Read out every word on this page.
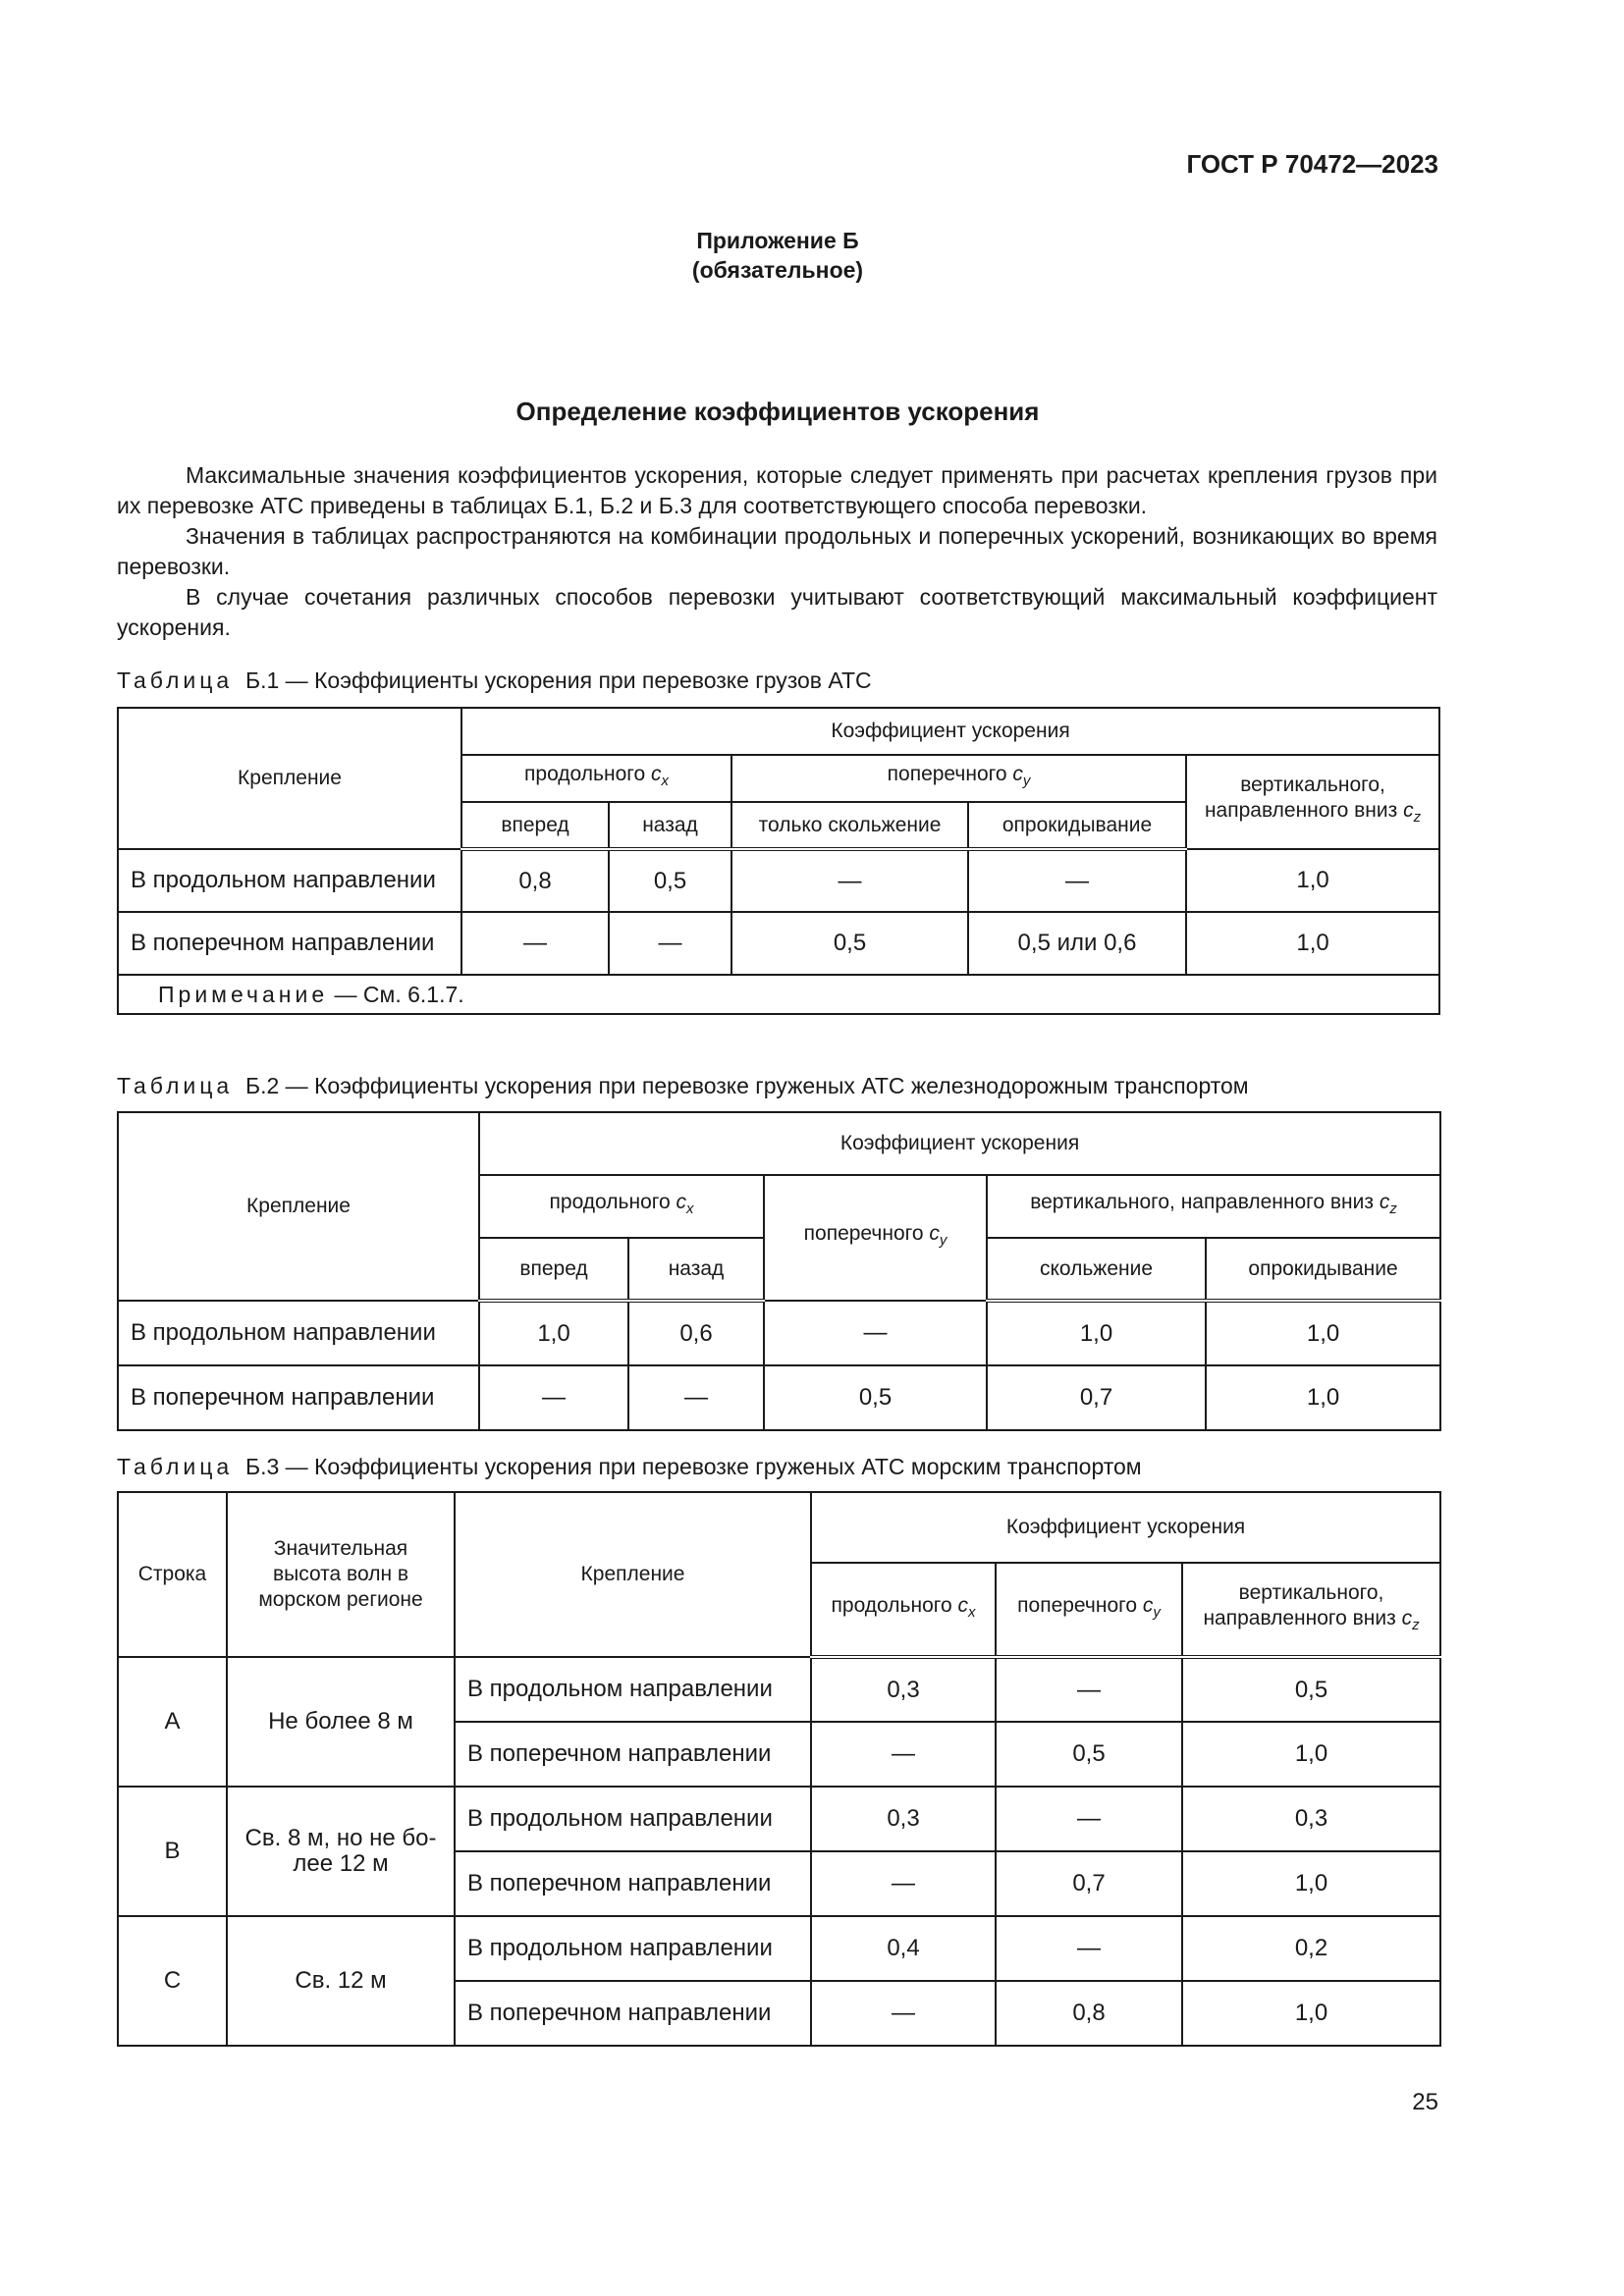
ГОСТ Р 70472—2023
Приложение Б
(обязательное)
Определение коэффициентов ускорения
Максимальные значения коэффициентов ускорения, которые следует применять при расчетах крепления грузов при их перевозке АТС приведены в таблицах Б.1, Б.2 и Б.3 для соответствующего способа перевозки.
Значения в таблицах распространяются на комбинации продольных и поперечных ускорений, возникающих во время перевозки.
В случае сочетания различных способов перевозки учитывают соответствующий максимальный коэффициент ускорения.
Таблица Б.1 — Коэффициенты ускорения при перевозке грузов АТС
Крепление	Коэффициент ускорения				
	продольного $c_x$		поперечного $c_y$		вертикального,
направленного вниз $c_z$
	вперед	назад	только скольжение	опрокидывание	
В продольном направлении	0,8	0,5	—	—	1,0
В поперечном направлении	—	—	0,5	0,5 или 0,6	1,0
Примечание — См. 6.1.7.					
Таблица Б.2 — Коэффициенты ускорения при перевозке груженых АТС железнодорожным транспортом
Крепление	Коэффициент ускорения				
	продольного $c_x$		поперечного $c_y$	вертикального, направленного вниз $c_z$
	вперед	назад		скольжение	опрокидывание
В продольном направлении	1,0	0,6	—	1,0	1,0
В поперечном направлении	—	—	0,5	0,7	1,0
Таблица Б.3 — Коэффициенты ускорения при перевозке груженых АТС морским транспортом
Строка	Значительная
высота волн в
морском регионе	Крепление	Коэффициент ускорения		
			продольного $c_x$	поперечного $c_y$	вертикального,
направленного вниз $c_z$
A	Не более 8 м	В продольном направлении	0,3	—	0,5
		В поперечном направлении	—	0,5	1,0
B	Св. 8 м, но не бо-
лее 12 м	В продольном направлении	0,3	—	0,3
		В поперечном направлении	—	0,7	1,0
C	Св. 12 м	В продольном направлении	0,4	—	0,2
		В поперечном направлении	—	0,8	1,0
25
